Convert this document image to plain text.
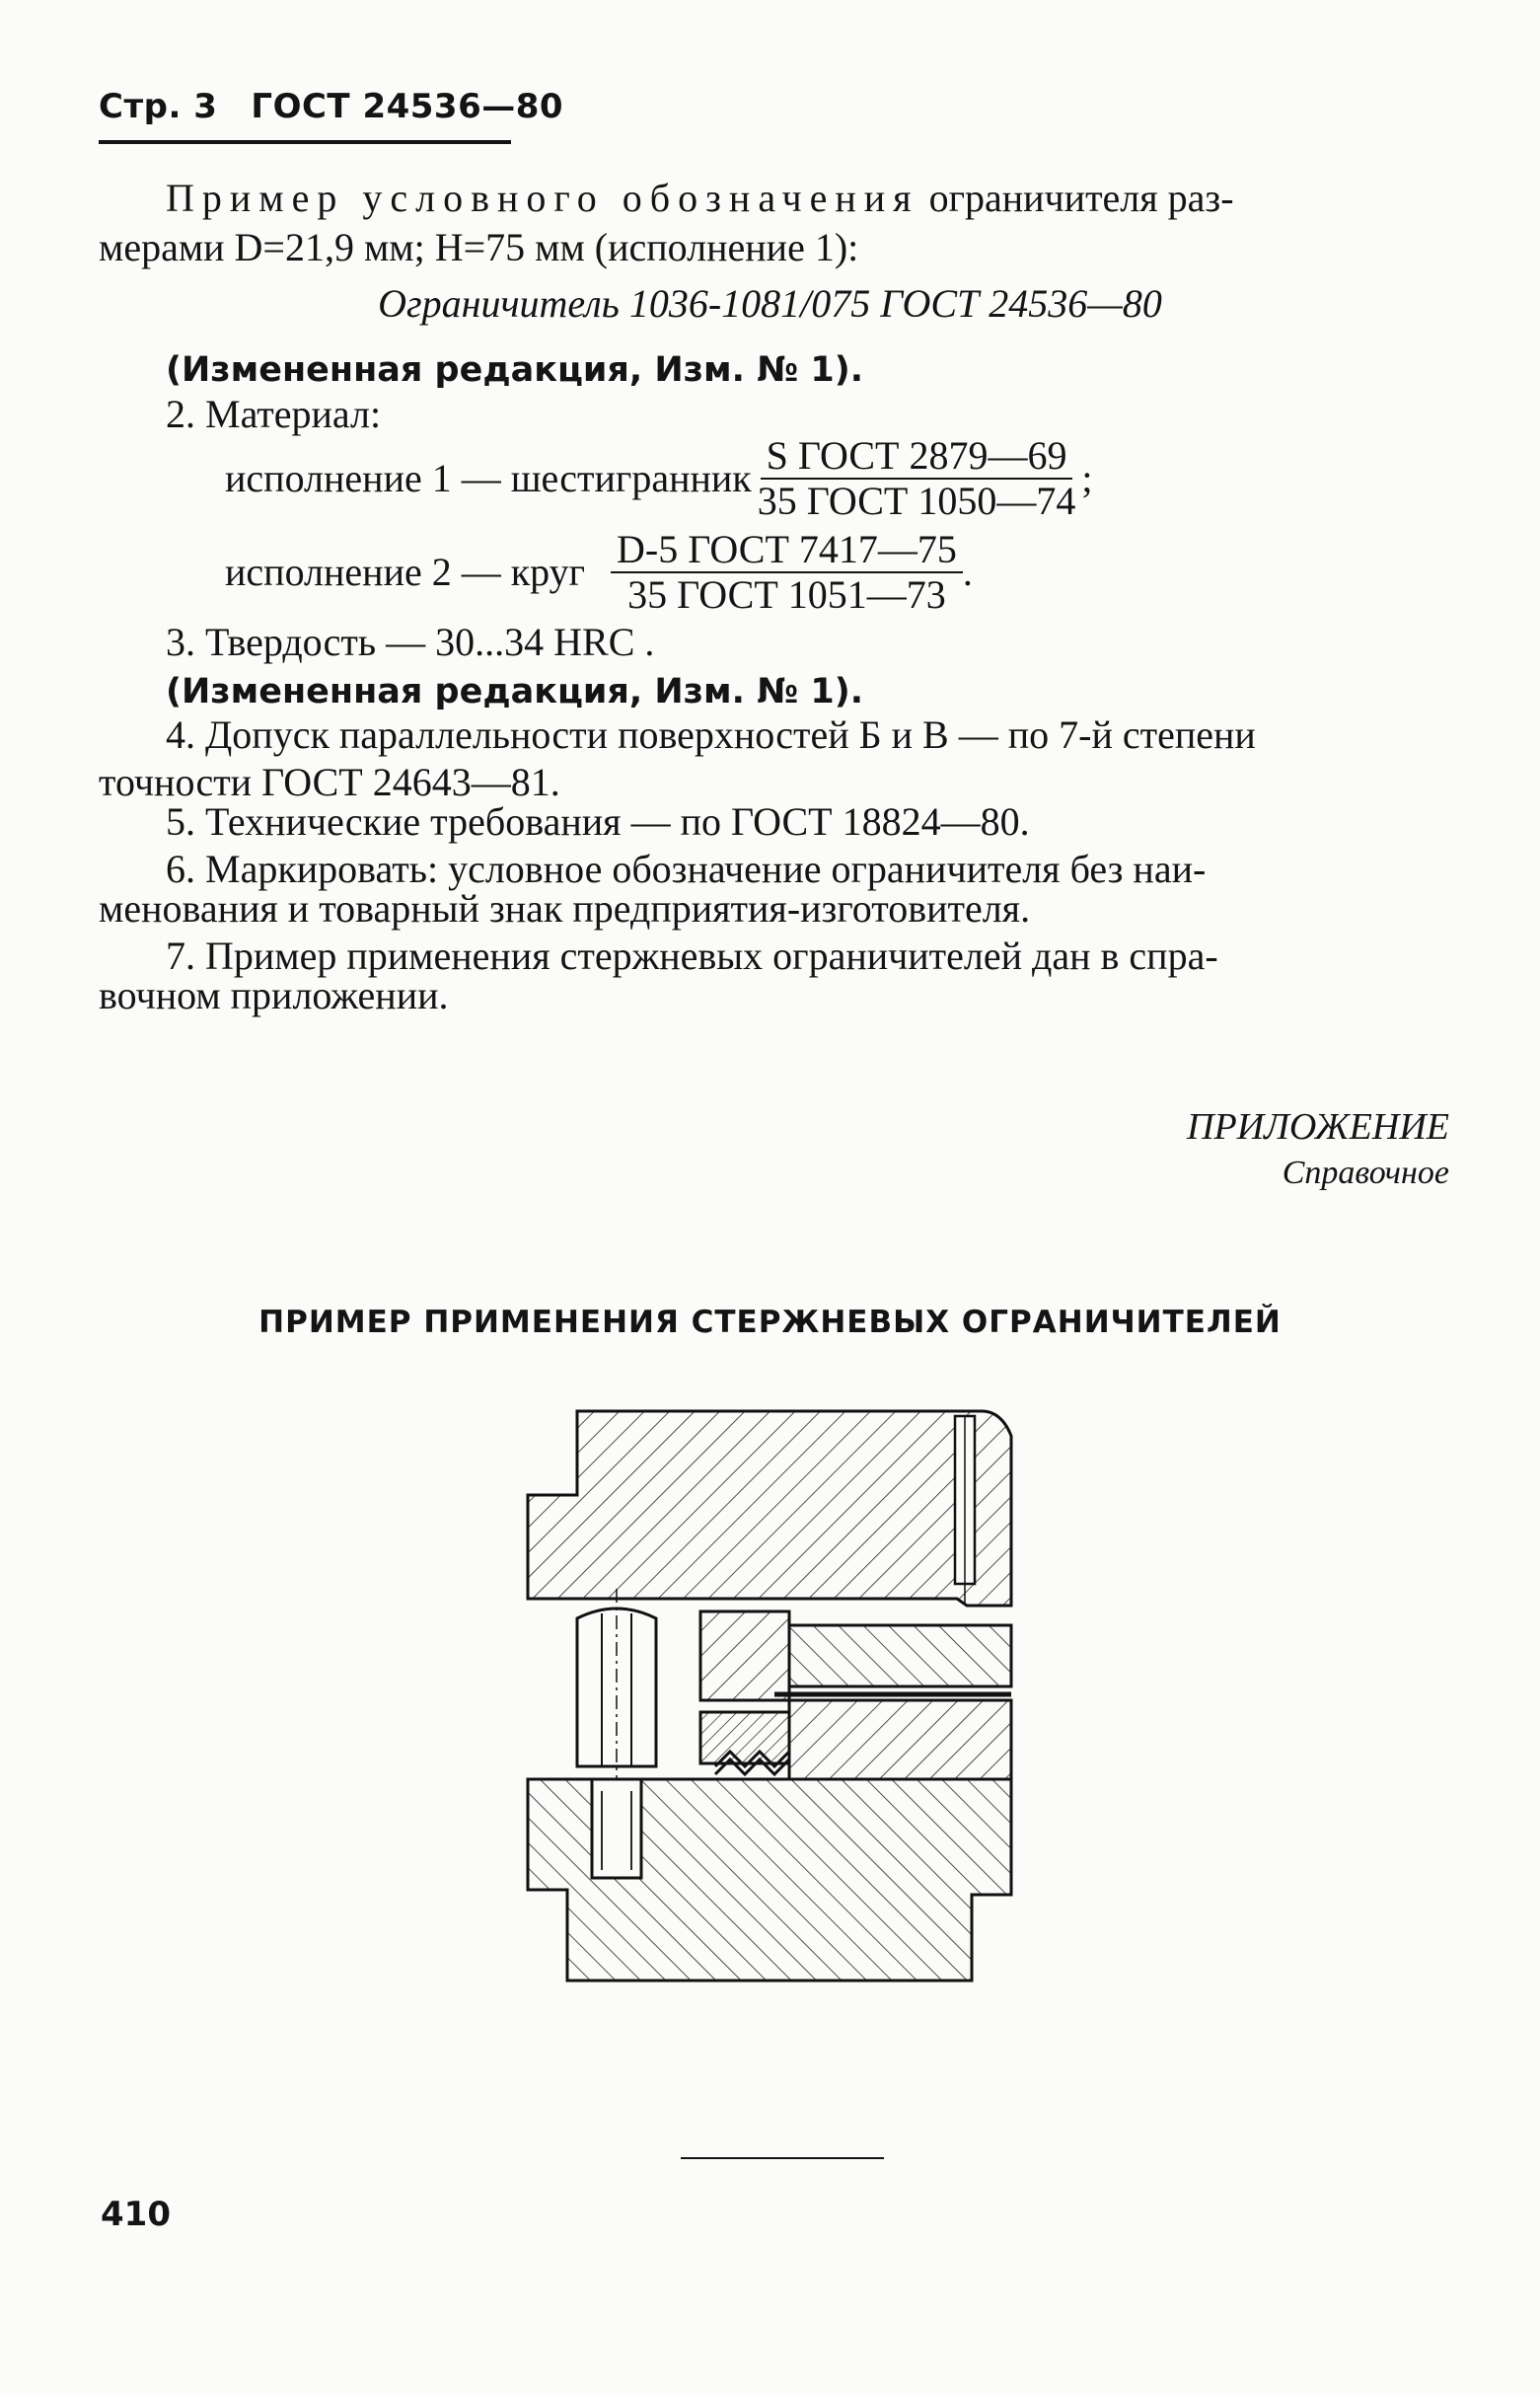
Стр. 3 ГОСТ 24536—80
Пример условного обозначения ограничителя раз-
мерами D=21,9 мм; H=75 мм (исполнение 1):
Ограничитель 1036-1081/075 ГОСТ 24536—80
(Измененная редакция, Изм. № 1).
2. Материал:
исполнение 1 — шестигранник $\frac{\text{S ГОСТ 2879—69}}{\text{35 ГОСТ 1050—74}}$ ;
исполнение 2 — круг $\frac{\text{D-5 ГОСТ 7417—75}}{\text{35 ГОСТ 1051—73}}$ .
3. Твердость — 30...34 HRC .
(Измененная редакция, Изм. № 1).
4. Допуск параллельности поверхностей Б и В — по 7-й степени
точности ГОСТ 24643—81.
5. Технические требования — по ГОСТ 18824—80.
6. Маркировать: условное обозначение ограничителя без наи-
менования и товарный знак предприятия-изготовителя.
7. Пример применения стержневых ограничителей дан в спра-
вочном приложении.
ПРИЛОЖЕНИЕ
Справочное
ПРИМЕР ПРИМЕНЕНИЯ СТЕРЖНЕВЫХ ОГРАНИЧИТЕЛЕЙ
410
